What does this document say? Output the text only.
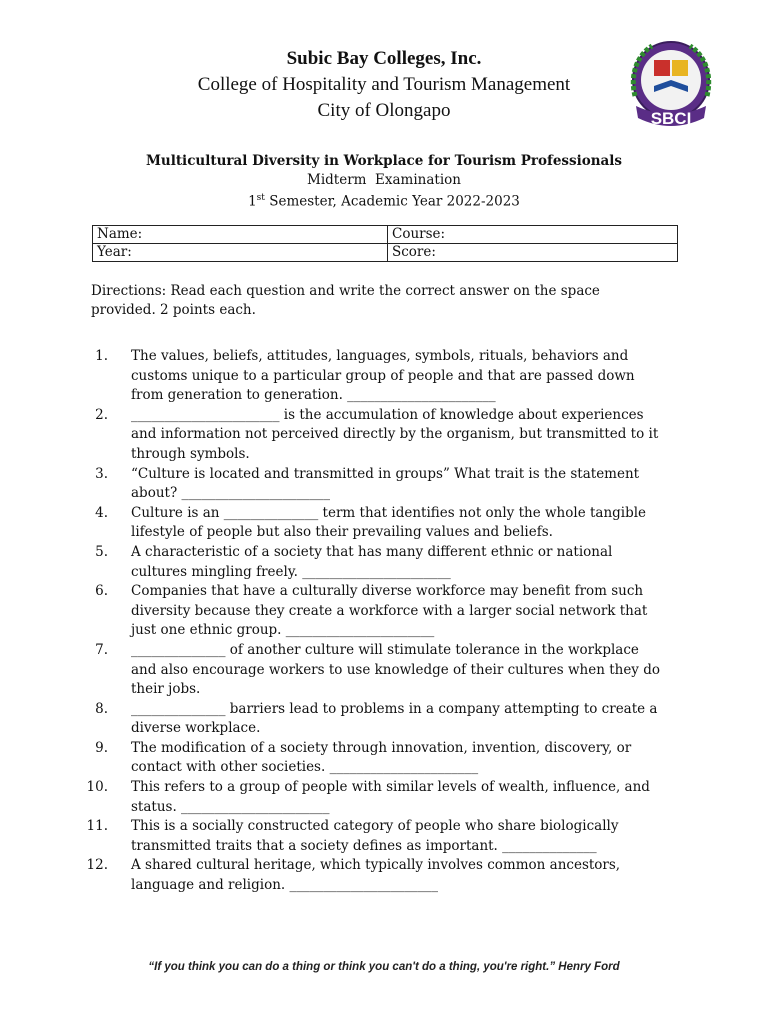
Subic Bay Colleges, Inc.
College of Hospitality and Tourism Management
City of Olongapo	SBCI
Multicultural Diversity in Workplace for Tourism Professionals
Midterm  Examination
1st Semester, Academic Year 2022-2023
Name:	Course:
Year:	Score:
Directions: Read each question and write the correct answer on the space provided. 2 points each.
1. The values, beliefs, attitudes, languages, symbols, rituals, behaviors and customs unique to a particular group of people and that are passed down from generation to generation. ______________________
2. ______________________ is the accumulation of knowledge about experiences and information not perceived directly by the organism, but transmitted to it through symbols.
3. “Culture is located and transmitted in groups” What trait is the statement about? ______________________
4. Culture is an ______________ term that identifies not only the whole tangible lifestyle of people but also their prevailing values and beliefs.
5. A characteristic of a society that has many different ethnic or national cultures mingling freely. ______________________
6. Companies that have a culturally diverse workforce may benefit from such diversity because they create a workforce with a larger social network that just one ethnic group. ______________________
7. ______________ of another culture will stimulate tolerance in the workplace and also encourage workers to use knowledge of their cultures when they do their jobs.
8. ______________ barriers lead to problems in a company attempting to create a diverse workplace.
9. The modification of a society through innovation, invention, discovery, or contact with other societies. ______________________
10. This refers to a group of people with similar levels of wealth, influence, and status. ______________________
11. This is a socially constructed category of people who share biologically transmitted traits that a society defines as important. ______________
12. A shared cultural heritage, which typically involves common ancestors, language and religion. ______________________
“If you think you can do a thing or think you can't do a thing, you're right.” Henry Ford
